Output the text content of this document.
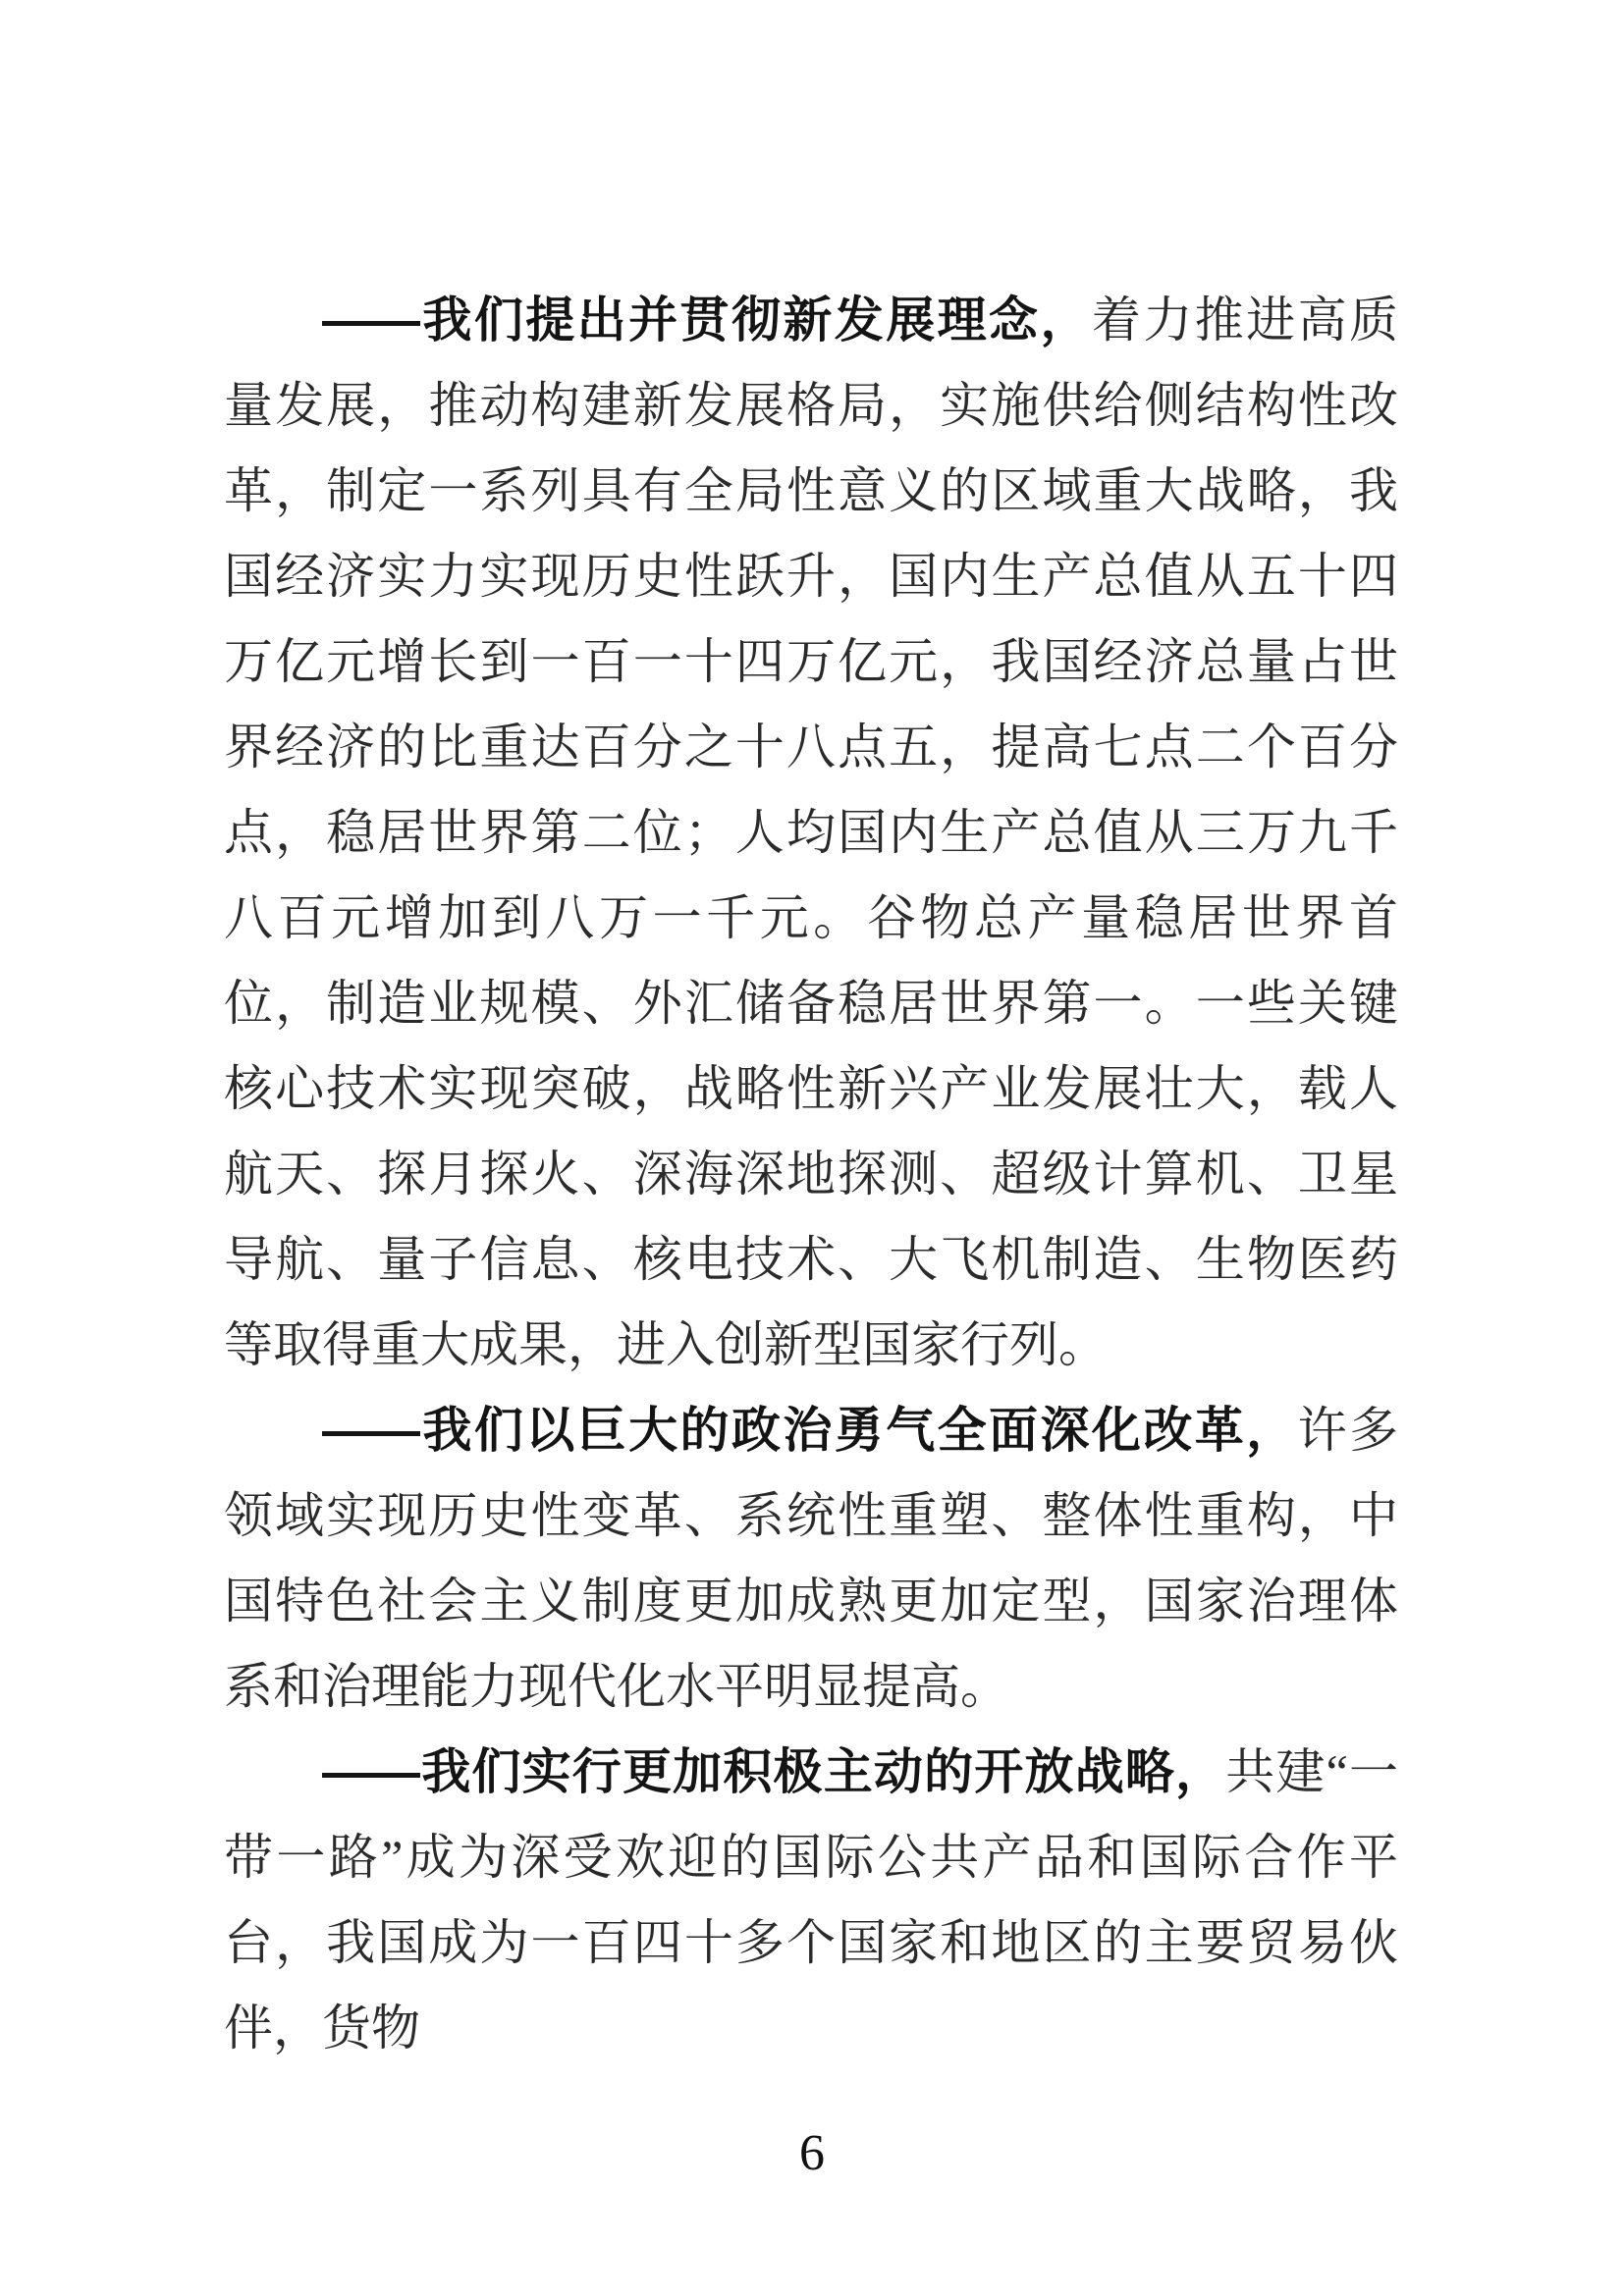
——我们提出并贯彻新发展理念，着力推进高质量发展，推动构建新发展格局，实施供给侧结构性改革，制定一系列具有全局性意义的区域重大战略，我国经济实力实现历史性跃升，国内生产总值从五十四万亿元增长到一百一十四万亿元，我国经济总量占世界经济的比重达百分之十八点五，提高七点二个百分点，稳居世界第二位；人均国内生产总值从三万九千八百元增加到八万一千元。谷物总产量稳居世界首位，制造业规模、外汇储备稳居世界第一。一些关键核心技术实现突破，战略性新兴产业发展壮大，载人航天、探月探火、深海深地探测、超级计算机、卫星导航、量子信息、核电技术、大飞机制造、生物医药等取得重大成果，进入创新型国家行列。

——我们以巨大的政治勇气全面深化改革，许多领域实现历史性变革、系统性重塑、整体性重构，中国特色社会主义制度更加成熟更加定型，国家治理体系和治理能力现代化水平明显提高。

——我们实行更加积极主动的开放战略，共建“一带一路”成为深受欢迎的国际公共产品和国际合作平台，我国成为一百四十多个国家和地区的主要贸易伙伴，货物

6
